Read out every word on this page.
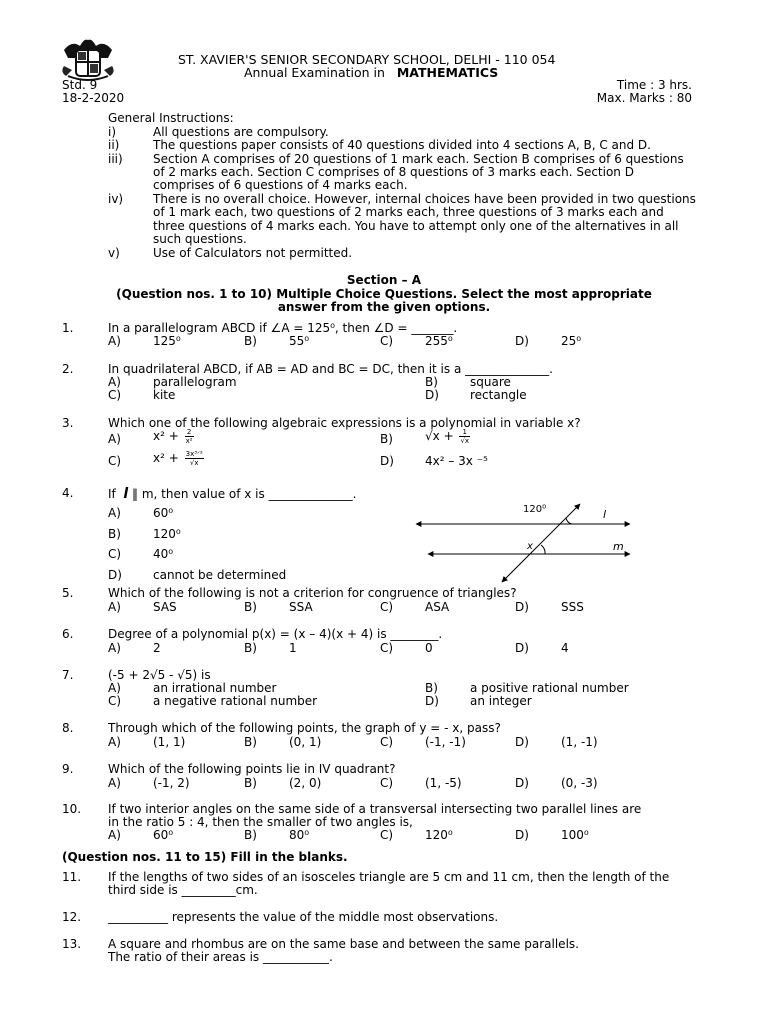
ST. XAVIER'S SENIOR SECONDARY SCHOOL, DELHI - 110 054
Annual Examination in MATHEMATICS
Std. 9	Time : 3 hrs.
18-2-2020	Max. Marks : 80
General Instructions:
i)	All questions are compulsory.
ii)	The questions paper consists of 40 questions divided into 4 sections A, B, C and D.
iii)	Section A comprises of 20 questions of 1 mark each. Section B comprises of 6 questions
of 2 marks each. Section C comprises of 8 questions of 3 marks each. Section D
comprises of 6 questions of 4 marks each.
iv) There is no overall choice. However, internal choices have been provided in two questions
of 1 mark each, two questions of 2 marks each, three questions of 3 marks each and
three questions of 4 marks each. You have to attempt only one of the alternatives in all
such questions.
v)	Use of Calculators not permitted.
Section – A
(Question nos. 1 to 10) Multiple Choice Questions. Select the most appropriate
answer from the given options.
1.	In a parallelogram ABCD if ∠A = 125⁰, then ∠D = _______.
A)	125⁰	B)	55⁰	C)	255⁰	D)	25⁰
2.	In quadrilateral ABCD, if AB = AD and BC = DC, then it is a ______________.
A)	parallelogram	B)	square
C)	kite	D)	rectangle
3.	Which one of the following algebraic expressions is a polynomial in variable x?
A)	$x^2 + \frac{2}{\text{x²}}$	B)	$√x + \frac{1}{√x}$
C)	$x^2 + \frac{\text{3x³ᐟ²}}{√x}$	D)	4x² – 3x ⁻⁵
4.	If l ‖ m, then value of x is ______________.
A)	60⁰
B)	120⁰
C)	40⁰
D)	cannot be determined
120⁰	l
m
x
5.	Which of the following is not a criterion for congruence of triangles?
A)	SAS	B)	SSA	C)	ASA	D)	SSS
6.	Degree of a polynomial p(x) = (x – 4)(x + 4) is ________.
A)	2	B)	1	C)	0	D)	4
7.	(-5 + 2√5 - √5) is
A)	an irrational number	B)	a positive rational number
C)	a negative rational number	D)	an integer
8.	Through which of the following points, the graph of y = - x, pass?
A)	(1, 1)	B)	(0, 1)	C)	(-1, -1)	D)	(1, -1)
9.	Which of the following points lie in IV quadrant?
A)	(-1, 2)	B)	(2, 0)	C)	(1, -5)	D)	(0, -3)
10. If two interior angles on the same side of a transversal intersecting two parallel lines are
in the ratio 5 : 4, then the smaller of two angles is,
A)	60⁰	B)	80⁰	C)	120⁰	D)	100⁰
(Question nos. 11 to 15) Fill in the blanks.
11. If the lengths of two sides of an isosceles triangle are 5 cm and 11 cm, then the length of the
third side is _________cm.
12. __________ represents the value of the middle most observations.
13. A square and rhombus are on the same base and between the same parallels.
The ratio of their areas is ___________.
